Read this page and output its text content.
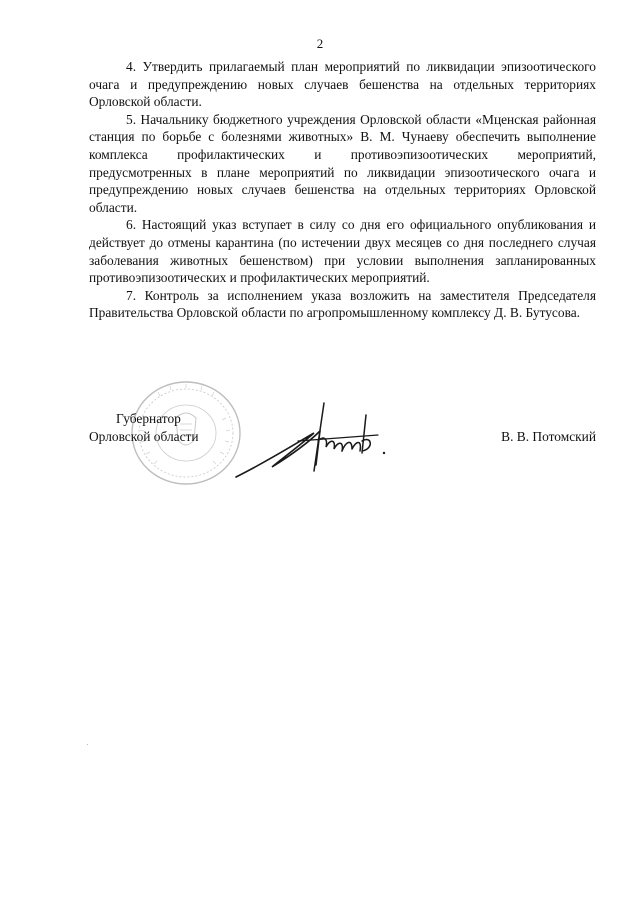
2

4. Утвердить прилагаемый план мероприятий по ликвидации эпизоотического очага и предупреждению новых случаев бешенства на отдельных территориях Орловской области.

5. Начальнику бюджетного учреждения Орловской области «Мценская районная станция по борьбе с болезнями животных» В. М. Чунаеву обеспечить выполнение комплекса профилактических и противоэпизоотических мероприятий, предусмотренных в плане мероприятий по ликвидации эпизоотического очага и предупреждению новых случаев бешенства на отдельных территориях Орловской области.

6. Настоящий указ вступает в силу со дня его официального опубликования и действует до отмены карантина (по истечении двух месяцев со дня последнего случая заболевания животных бешенством) при условии выполнения запланированных противоэпизоотических и профилактических мероприятий.

7. Контроль за исполнением указа возложить на заместителя Председателя Правительства Орловской области по агропромышленному комплексу Д. В. Бутусова.

Губернатор
Орловской области	В. В. Потомский
